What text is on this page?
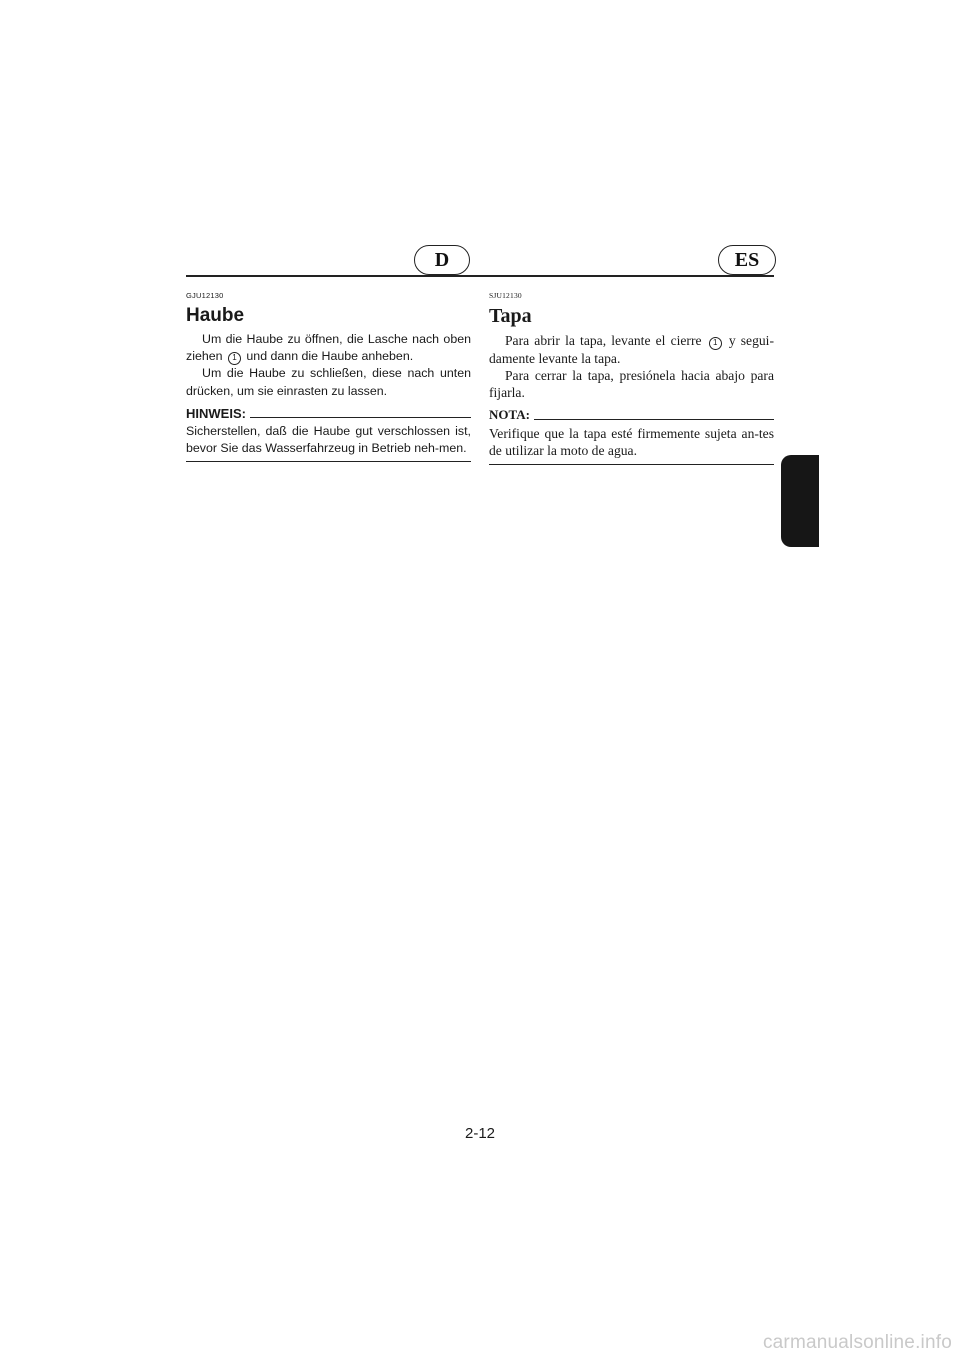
D	ES

GJU12130

Haube

Um die Haube zu öffnen, die Lasche nach oben ziehen 1 und dann die Haube anheben.

Um die Haube zu schließen, diese nach unten drücken, um sie einrasten zu lassen.

HINWEIS:

Sicherstellen, daß die Haube gut verschlossen ist, bevor Sie das Wasserfahrzeug in Betrieb neh-men.

SJU12130

Tapa

Para abrir la tapa, levante el cierre 1 y segui-damente levante la tapa.

Para cerrar la tapa, presiónela hacia abajo para fijarla.

NOTA:

Verifique que la tapa esté firmemente sujeta an-tes de utilizar la moto de agua.

2-12
carmanualsonline.info
